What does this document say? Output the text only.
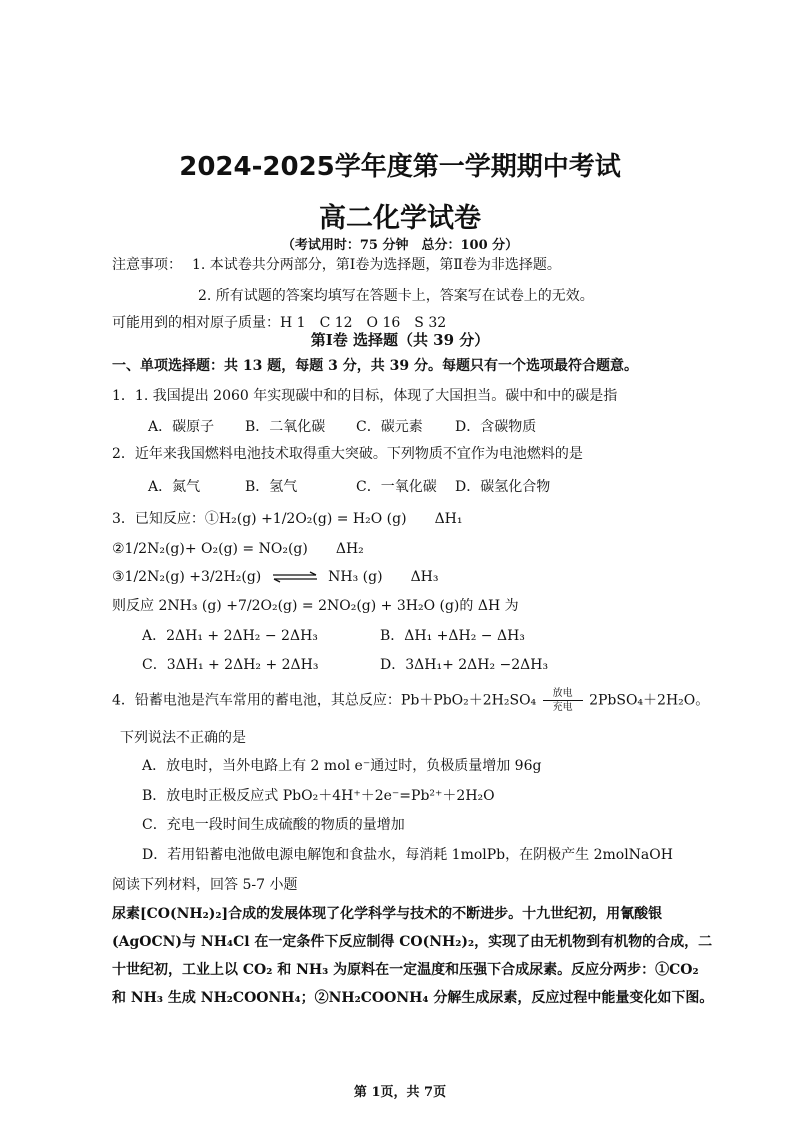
2024-2025学年度第一学期期中考试
高二化学试卷
（考试用时：75 分钟　总分：100 分）
注意事项： 1. 本试卷共分两部分，第Ⅰ卷为选择题，第Ⅱ卷为非选择题。
2. 所有试题的答案均填写在答题卡上，答案写在试卷上的无效。
可能用到的相对原子质量：H 1　C 12　O 16　S 32
第Ⅰ卷 选择题（共 39 分）
一、单项选择题：共 13 题，每题 3 分，共 39 分。每题只有一个选项最符合题意。
1．1. 我国提出 2060 年实现碳中和的目标，体现了大国担当。碳中和中的碳是指
A．碳原子 B．二氧化碳 C．碳元素 D．含碳物质
2．近年来我国燃料电池技术取得重大突破。下列物质不宜作为电池燃料的是
A．氮气	B．氢气	C．一氧化碳 D．碳氢化合物
3．已知反应：①H₂(g) +1/2O₂(g) = H₂O (g)　　ΔH₁
②1/2N₂(g)+ O₂(g) = NO₂(g)　　ΔH₂
③1/2N₂(g) +3/2H₂(g) ⇌ NH₃ (g)　　ΔH₃
则反应 2NH₃ (g) +7/2O₂(g) = 2NO₂(g) + 3H₂O (g)的 ΔH 为
A．2ΔH₁ + 2ΔH₂ − 2ΔH₃	B．ΔH₁ +ΔH₂ − ΔH₃
C．3ΔH₁ + 2ΔH₂ + 2ΔH₃	D．3ΔH₁+ 2ΔH₂ −2ΔH₃
4．铅蓄电池是汽车常用的蓄电池，其总反应：$Pb+PbO_2+2H_2SO_4 \frac{\text{放电}}{\text{充电}}$ 2PbSO₄＋2H₂O。
下列说法不正确的是
A．放电时，当外电路上有 2 mol e⁻通过时，负极质量增加 96g
B．放电时正极反应式 PbO₂＋4H⁺＋2e⁻=Pb²⁺＋2H₂O
C．充电一段时间生成硫酸的物质的量增加
D．若用铅蓄电池做电源电解饱和食盐水，每消耗 1molPb，在阴极产生 2molNaOH
阅读下列材料，回答 5-7 小题
尿素[CO(NH₂)₂]合成的发展体现了化学科学与技术的不断进步。十九世纪初，用氰酸银
(AgOCN)与 NH₄Cl 在一定条件下反应制得 CO(NH₂)₂，实现了由无机物到有机物的合成，二
十世纪初，工业上以 CO₂ 和 NH₃ 为原料在一定温度和压强下合成尿素。反应分两步：①CO₂
和 NH₃ 生成 NH₂COONH₄；②NH₂COONH₄ 分解生成尿素，反应过程中能量变化如下图。
第 1页，共 7页
